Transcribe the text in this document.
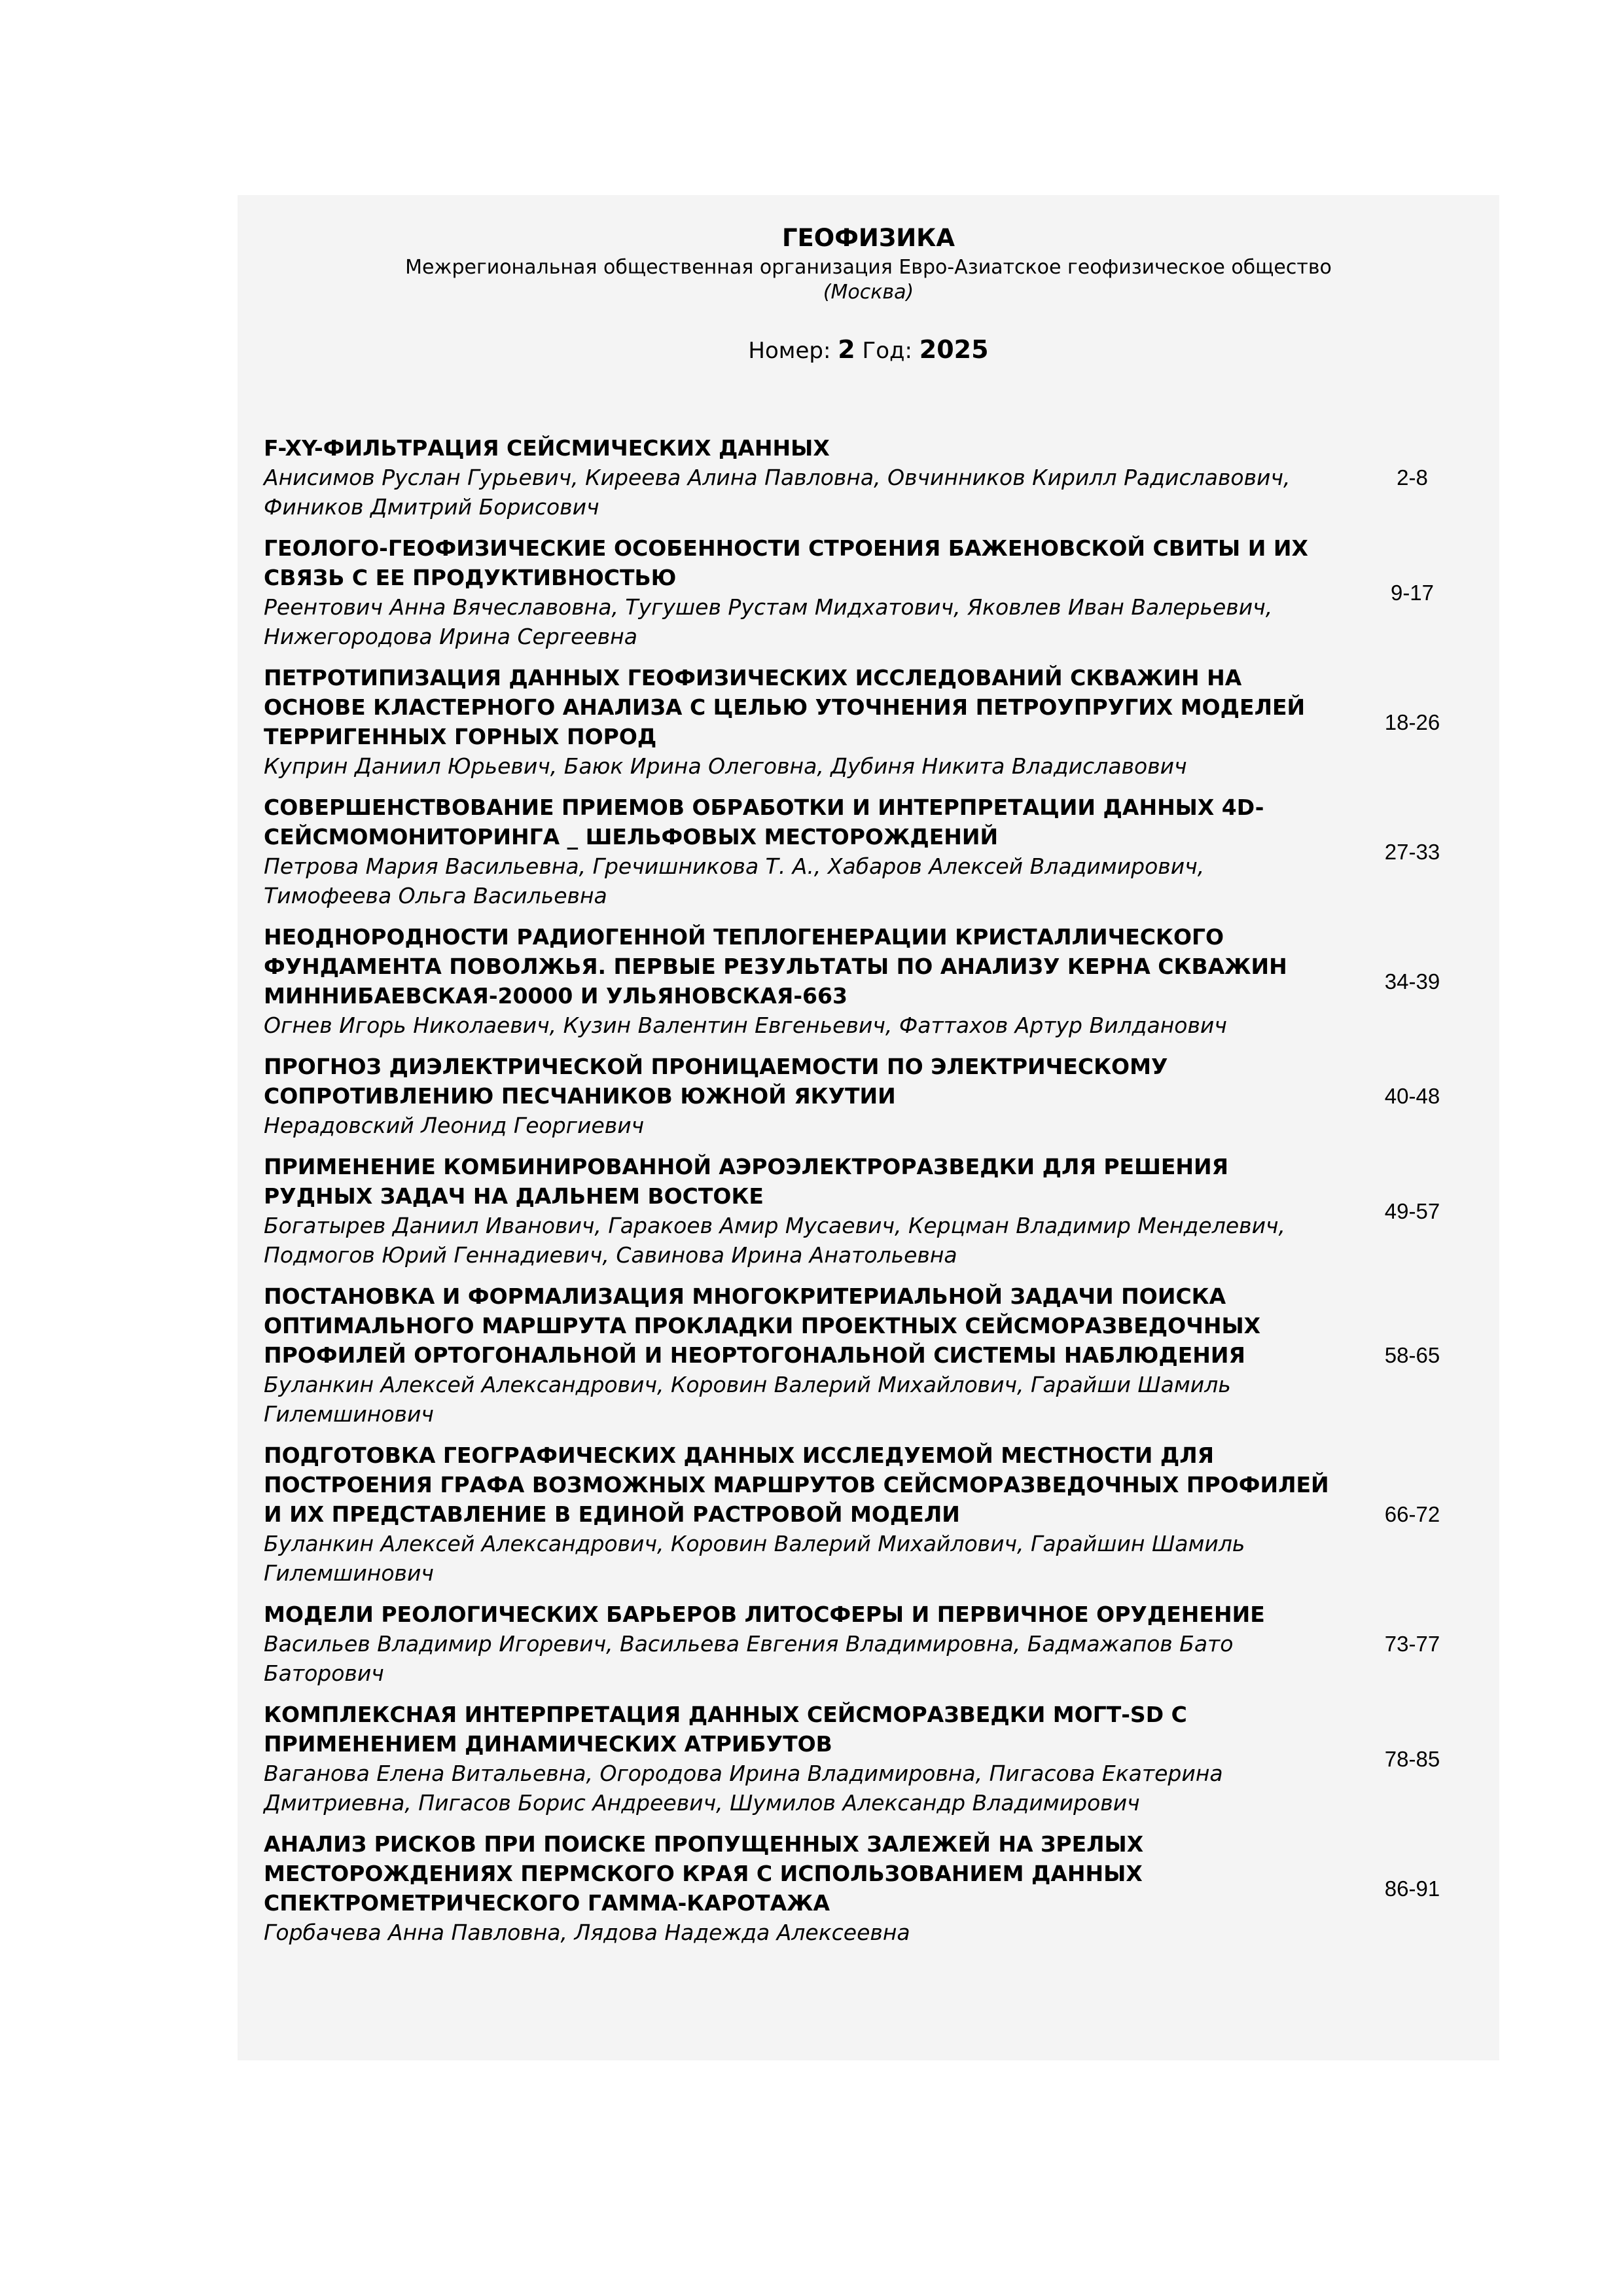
ГЕОФИЗИКА
Межрегиональная общественная организация Евро-Азиатское геофизическое общество
(Москва)
Номер: 2 Год: 2025
F-XY-ФИЛЬТРАЦИЯ СЕЙСМИЧЕСКИХ ДАННЫХ
Анисимов Руслан Гурьевич, Киреева Алина Павловна, Овчинников Кирилл Радиславович, Фиников Дмитрий Борисович
2-8
ГЕОЛОГО-ГЕОФИЗИЧЕСКИЕ ОСОБЕННОСТИ СТРОЕНИЯ БАЖЕНОВСКОЙ СВИТЫ И ИХ СВЯЗЬ С ЕЕ ПРОДУКТИВНОСТЬЮ
Реентович Анна Вячеславовна, Тугушев Рустам Мидхатович, Яковлев Иван Валерьевич, Нижегородова Ирина Сергеевна
9-17
ПЕТРОТИПИЗАЦИЯ ДАННЫХ ГЕОФИЗИЧЕСКИХ ИССЛЕДОВАНИЙ СКВАЖИН НА ОСНОВЕ КЛАСТЕРНОГО АНАЛИЗА С ЦЕЛЬЮ УТОЧНЕНИЯ ПЕТРОУПРУГИХ МОДЕЛЕЙ ТЕРРИГЕННЫХ ГОРНЫХ ПОРОД
Куприн Даниил Юрьевич, Баюк Ирина Олеговна, Дубиня Никита Владиславович
18-26
СОВЕРШЕНСТВОВАНИЕ ПРИЕМОВ ОБРАБОТКИ И ИНТЕРПРЕТАЦИИ ДАННЫХ 4D-СЕЙСМОМОНИТОРИНГА _ ШЕЛЬФОВЫХ МЕСТОРОЖДЕНИЙ
Петрова Мария Васильевна, Гречишникова Т. А., Хабаров Алексей Владимирович, Тимофеева Ольга Васильевна
27-33
НЕОДНОРОДНОСТИ РАДИОГЕННОЙ ТЕПЛОГЕНЕРАЦИИ КРИСТАЛЛИЧЕСКОГО ФУНДАМЕНТА ПОВОЛЖЬЯ. ПЕРВЫЕ РЕЗУЛЬТАТЫ ПО АНАЛИЗУ КЕРНА СКВАЖИН МИННИБАЕВСКАЯ-20000 И УЛЬЯНОВСКАЯ-663
Огнев Игорь Николаевич, Кузин Валентин Евгеньевич, Фаттахов Артур Вилданович
34-39
ПРОГНОЗ ДИЭЛЕКТРИЧЕСКОЙ ПРОНИЦАЕМОСТИ ПО ЭЛЕКТРИЧЕСКОМУ СОПРОТИВЛЕНИЮ ПЕСЧАНИКОВ ЮЖНОЙ ЯКУТИИ
Нерадовский Леонид Георгиевич
40-48
ПРИМЕНЕНИЕ КОМБИНИРОВАННОЙ АЭРОЭЛЕКТРОРАЗВЕДКИ ДЛЯ РЕШЕНИЯ РУДНЫХ ЗАДАЧ НА ДАЛЬНЕМ ВОСТОКЕ
Богатырев Даниил Иванович, Гаракоев Амир Мусаевич, Керцман Владимир Менделевич, Подмогов Юрий Геннадиевич, Савинова Ирина Анатольевна
49-57
ПОСТАНОВКА И ФОРМАЛИЗАЦИЯ МНОГОКРИТЕРИАЛЬНОЙ ЗАДАЧИ ПОИСКА ОПТИМАЛЬНОГО МАРШРУТА ПРОКЛАДКИ ПРОЕКТНЫХ СЕЙСМОРАЗВЕДОЧНЫХ ПРОФИЛЕЙ ОРТОГОНАЛЬНОЙ И НЕОРТОГОНАЛЬНОЙ СИСТЕМЫ НАБЛЮДЕНИЯ
Буланкин Алексей Александрович, Коровин Валерий Михайлович, Гарайши Шамиль Гилемшинович
58-65
ПОДГОТОВКА ГЕОГРАФИЧЕСКИХ ДАННЫХ ИССЛЕДУЕМОЙ МЕСТНОСТИ ДЛЯ ПОСТРОЕНИЯ ГРАФА ВОЗМОЖНЫХ МАРШРУТОВ СЕЙСМОРАЗВЕДОЧНЫХ ПРОФИЛЕЙ И ИХ ПРЕДСТАВЛЕНИЕ В ЕДИНОЙ РАСТРОВОЙ МОДЕЛИ
Буланкин Алексей Александрович, Коровин Валерий Михайлович, Гарайшин Шамиль Гилемшинович
66-72
МОДЕЛИ РЕОЛОГИЧЕСКИХ БАРЬЕРОВ ЛИТОСФЕРЫ И ПЕРВИЧНОЕ ОРУДЕНЕНИЕ
Васильев Владимир Игоревич, Васильева Евгения Владимировна, Бадмажапов Бато Баторович
73-77
КОМПЛЕКСНАЯ ИНТЕРПРЕТАЦИЯ ДАННЫХ СЕЙСМОРАЗВЕДКИ МОГТ-SD С ПРИМЕНЕНИЕМ ДИНАМИЧЕСКИХ АТРИБУТОВ
Ваганова Елена Витальевна, Огородова Ирина Владимировна, Пигасова Екатерина Дмитриевна, Пигасов Борис Андреевич, Шумилов Александр Владимирович
78-85
АНАЛИЗ РИСКОВ ПРИ ПОИСКЕ ПРОПУЩЕННЫХ ЗАЛЕЖЕЙ НА ЗРЕЛЫХ МЕСТОРОЖДЕНИЯХ ПЕРМСКОГО КРАЯ С ИСПОЛЬЗОВАНИЕМ ДАННЫХ СПЕКТРОМЕТРИЧЕСКОГО ГАММА-КАРОТАЖА
Горбачева Анна Павловна, Лядова Надежда Алексеевна
86-91
